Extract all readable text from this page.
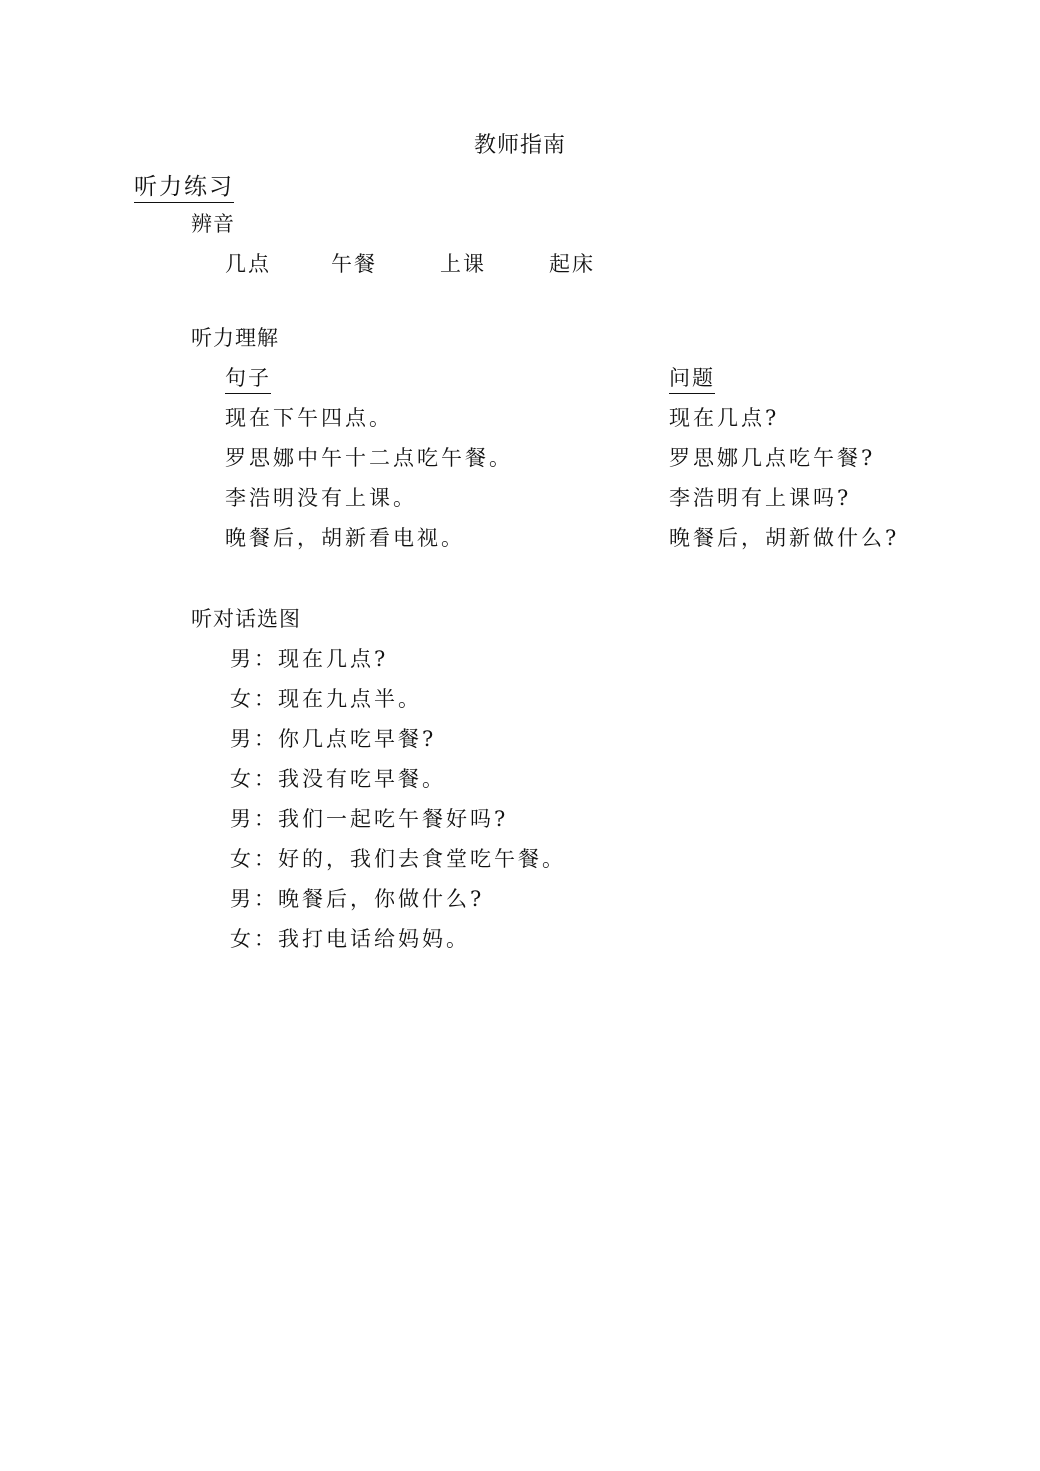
教师指南
听力练习
辨音
几点	午餐	上课	起床
听力理解
句子	问题
现在下午四点。	现在几点?
罗思娜中午十二点吃午餐。	罗思娜几点吃午餐?
李浩明没有上课。	李浩明有上课吗?
晚餐后，胡新看电视。	晚餐后，胡新做什么?
听对话选图
男：现在几点?
女：现在九点半。
男：你几点吃早餐?
女：我没有吃早餐。
男：我们一起吃午餐好吗?
女：好的，我们去食堂吃午餐。
男：晚餐后，你做什么?
女：我打电话给妈妈。
